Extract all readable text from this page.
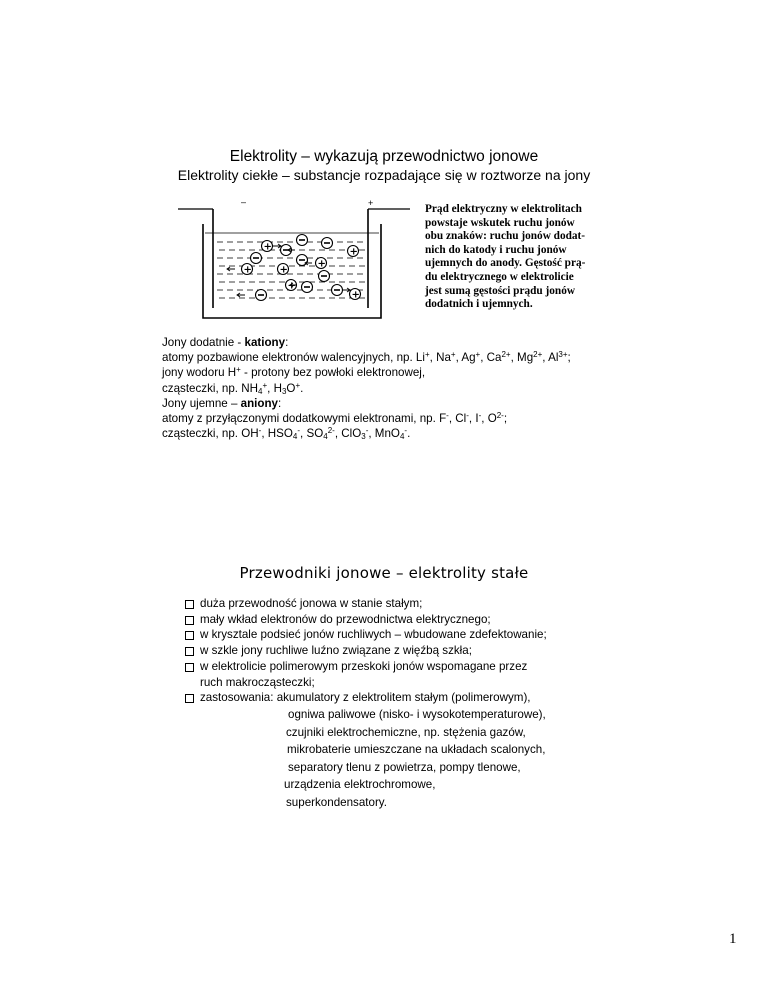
Elektrolity – wykazują przewodnictwo jonowe
Elektrolity ciekłe – substancje rozpadające się w roztworze na jony
–	+
+	+
+
+	+
+
+
Prąd elektryczny w elektrolitach
powstaje wskutek ruchu jonów
obu znaków: ruchu jonów dodat-
nich do katody i ruchu jonów
ujemnych do anody. Gęstość prą-
du elektrycznego w elektrolicie
jest sumą gęstości prądu jonów
dodatnich i ujemnych.
Jony dodatnie - kationy:
atomy pozbawione elektronów walencyjnych, np. Li+, Na+, Ag+, $Ca^{2+}$, $Mg^{2+}$, $Al^{3+}$;
jony wodoru H+ - protony bez powłoki elektronowej,
cząsteczki, np. $NH_4^+$, $H_3O^+$.
Jony ujemne – aniony:
atomy z przyłączonymi dodatkowymi elektronami, np. F-, Cl-, I-, $O^{2-}$;
cząsteczki, np. OH-, $HSO_4^-$, $SO_4^{2-}$, ClO$_3$-, MnO$_4$-.
Przewodniki jonowe – elektrolity stałe
duża przewodność jonowa w stanie stałym;
mały wkład elektronów do przewodnictwa elektrycznego;
w krysztale podsieć jonów ruchliwych – wbudowane zdefektowanie;
w szkle jony ruchliwe luźno związane z więźbą szkła;
w elektrolicie polimerowym przeskoki jonów wspomagane przez
ruch makrocząsteczki;
zastosowania: akumulatory z elektrolitem stałym (polimerowym),
ogniwa paliwowe (nisko- i wysokotemperaturowe),
czujniki elektrochemiczne, np. stężenia gazów,
mikrobaterie umieszczane na układach scalonych,
separatory tlenu z powietrza, pompy tlenowe,
urządzenia elektrochromowe,
superkondensatory.
1
